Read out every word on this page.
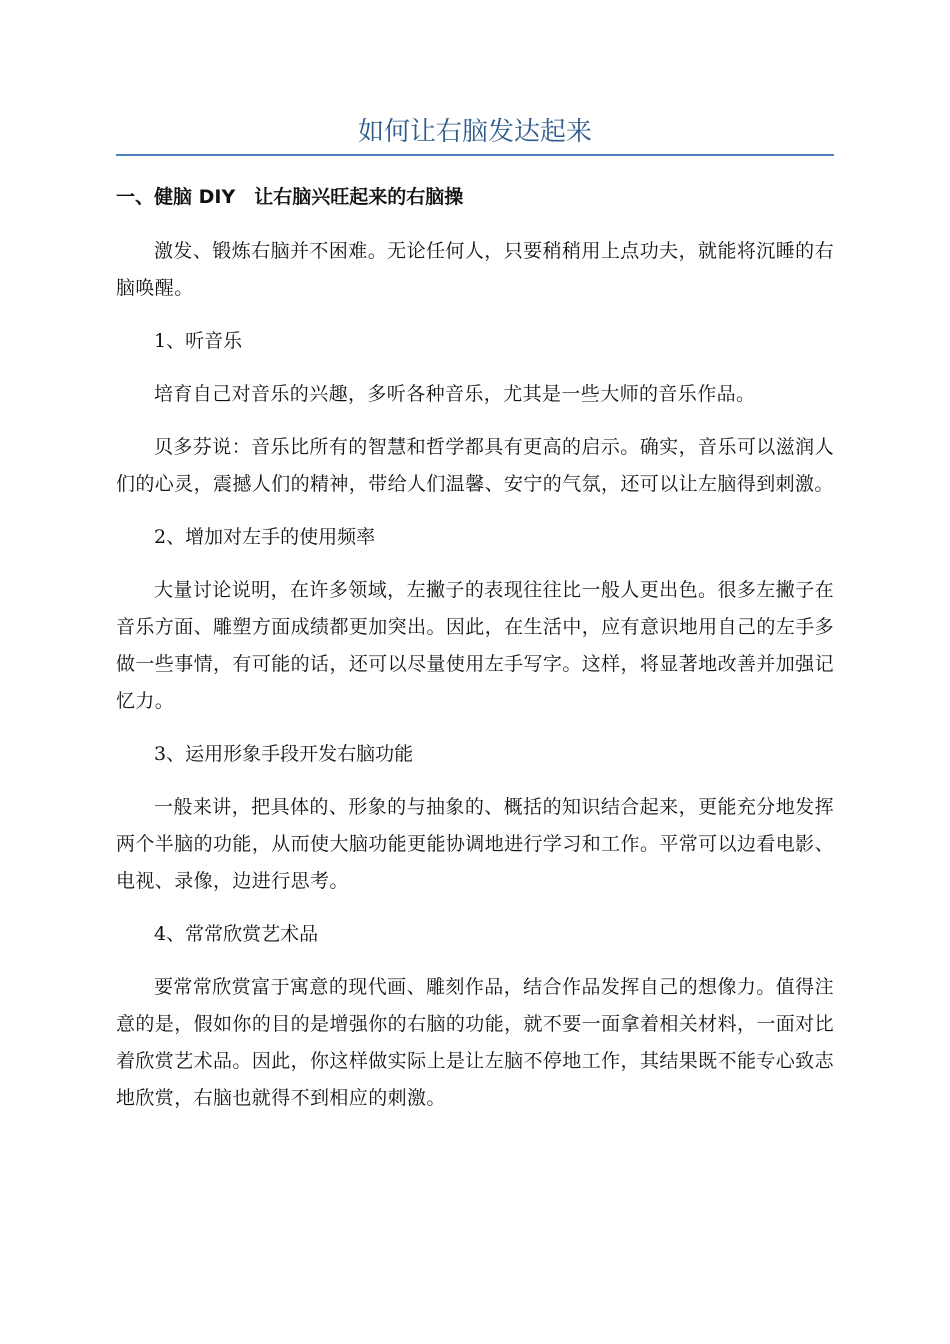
如何让右脑发达起来
一、健脑 DIY　让右脑兴旺起来的右脑操

激发、锻炼右脑并不困难。无论任何人，只要稍稍用上点功夫，就能将沉睡的右脑唤醒。

1、听音乐

培育自己对音乐的兴趣，多听各种音乐，尤其是一些大师的音乐作品。

贝多芬说：音乐比所有的智慧和哲学都具有更高的启示。确实，音乐可以滋润人们的心灵，震撼人们的精神，带给人们温馨、安宁的气氛，还可以让左脑得到刺激。

2、增加对左手的使用频率

大量讨论说明，在许多领域，左撇子的表现往往比一般人更出色。很多左撇子在音乐方面、雕塑方面成绩都更加突出。因此，在生活中，应有意识地用自己的左手多做一些事情，有可能的话，还可以尽量使用左手写字。这样，将显著地改善并加强记忆力。

3、运用形象手段开发右脑功能

一般来讲，把具体的、形象的与抽象的、概括的知识结合起来，更能充分地发挥两个半脑的功能，从而使大脑功能更能协调地进行学习和工作。平常可以边看电影、电视、录像，边进行思考。

4、常常欣赏艺术品

要常常欣赏富于寓意的现代画、雕刻作品，结合作品发挥自己的想像力。值得注意的是，假如你的目的是增强你的右脑的功能，就不要一面拿着相关材料，一面对比着欣赏艺术品。因此，你这样做实际上是让左脑不停地工作，其结果既不能专心致志地欣赏，右脑也就得不到相应的刺激。
